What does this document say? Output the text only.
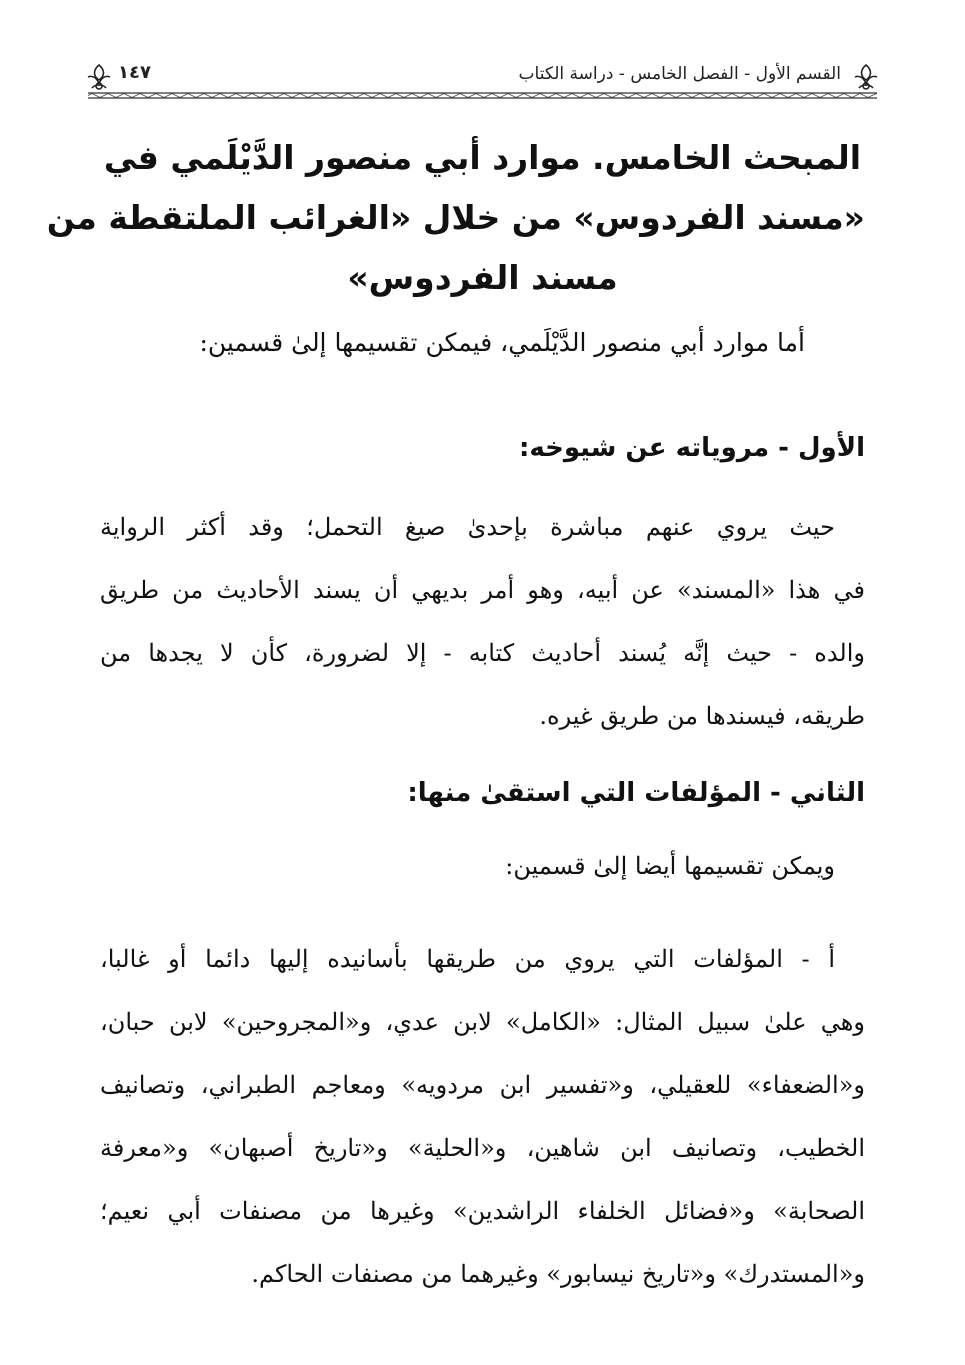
القسم الأول - الفصل الخامس - دراسة الكتاب
١٤٧
المبحث الخامس. موارد أبي منصور الدَّيْلَمي في
«مسند الفردوس» من خلال «الغرائب الملتقطة من
مسند الفردوس»
أما موارد أبي منصور الدَّيْلَمي، فيمكن تقسيمها إلىٰ قسمين:
الأول - مروياته عن شيوخه:
حيث يروي عنهم مباشرة بإحدىٰ صيغ التحمل؛ وقد أكثر الرواية
في هذا «المسند» عن أبيه، وهو أمر بديهي أن يسند الأحاديث من طريق
والده - حيث إنَّه يُسند أحاديث كتابه - إلا لضرورة، كأن لا يجدها من
طريقه، فيسندها من طريق غيره.
الثاني - المؤلفات التي استقىٰ منها:
ويمكن تقسيمها أيضا إلىٰ قسمين:
أ - المؤلفات التي يروي من طريقها بأسانيده إليها دائما أو غالبا،
وهي علىٰ سبيل المثال: «الكامل» لابن عدي، و«المجروحين» لابن حبان،
و«الضعفاء» للعقيلي، و«تفسير ابن مردويه» ومعاجم الطبراني، وتصانيف
الخطيب، وتصانيف ابن شاهين، و«الحلية» و«تاريخ أصبهان» و«معرفة
الصحابة» و«فضائل الخلفاء الراشدين» وغيرها من مصنفات أبي نعيم؛
و«المستدرك» و«تاريخ نيسابور» وغيرهما من مصنفات الحاكم.
